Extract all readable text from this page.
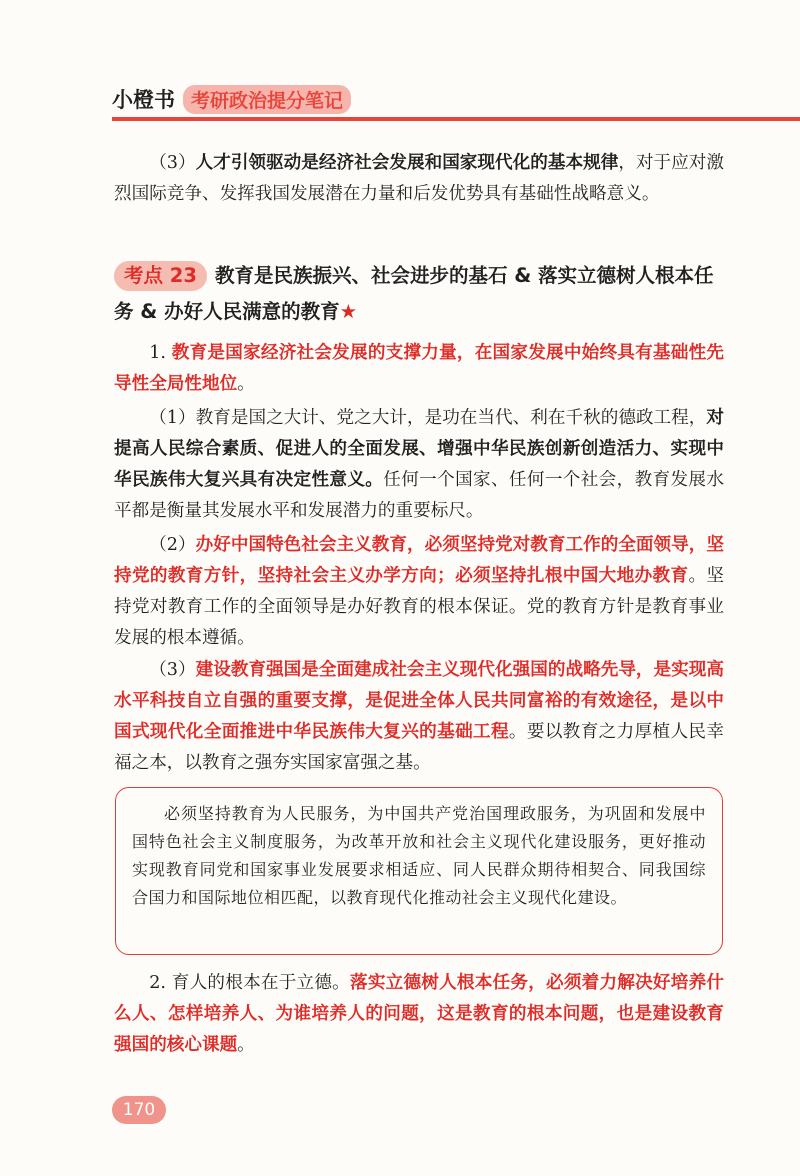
小橙书 考研政治提分笔记

（3）人才引领驱动是经济社会发展和国家现代化的基本规律，对于应对激烈国际竞争、发挥我国发展潜在力量和后发优势具有基础性战略意义。

考点 23 教育是民族振兴、社会进步的基石 & 落实立德树人根本任务 & 办好人民满意的教育★

1. 教育是国家经济社会发展的支撑力量，在国家发展中始终具有基础性先导性全局性地位。

（1）教育是国之大计、党之大计，是功在当代、利在千秋的德政工程，对提高人民综合素质、促进人的全面发展、增强中华民族创新创造活力、实现中华民族伟大复兴具有决定性意义。任何一个国家、任何一个社会，教育发展水平都是衡量其发展水平和发展潜力的重要标尺。

（2）办好中国特色社会主义教育，必须坚持党对教育工作的全面领导，坚持党的教育方针，坚持社会主义办学方向；必须坚持扎根中国大地办教育。坚持党对教育工作的全面领导是办好教育的根本保证。党的教育方针是教育事业发展的根本遵循。

（3）建设教育强国是全面建成社会主义现代化强国的战略先导，是实现高水平科技自立自强的重要支撑，是促进全体人民共同富裕的有效途径，是以中国式现代化全面推进中华民族伟大复兴的基础工程。要以教育之力厚植人民幸福之本，以教育之强夯实国家富强之基。

必须坚持教育为人民服务，为中国共产党治国理政服务，为巩固和发展中国特色社会主义制度服务，为改革开放和社会主义现代化建设服务，更好推动实现教育同党和国家事业发展要求相适应、同人民群众期待相契合、同我国综合国力和国际地位相匹配，以教育现代化推动社会主义现代化建设。

2. 育人的根本在于立德。落实立德树人根本任务，必须着力解决好培养什么人、怎样培养人、为谁培养人的问题，这是教育的根本问题，也是建设教育强国的核心课题。

170
